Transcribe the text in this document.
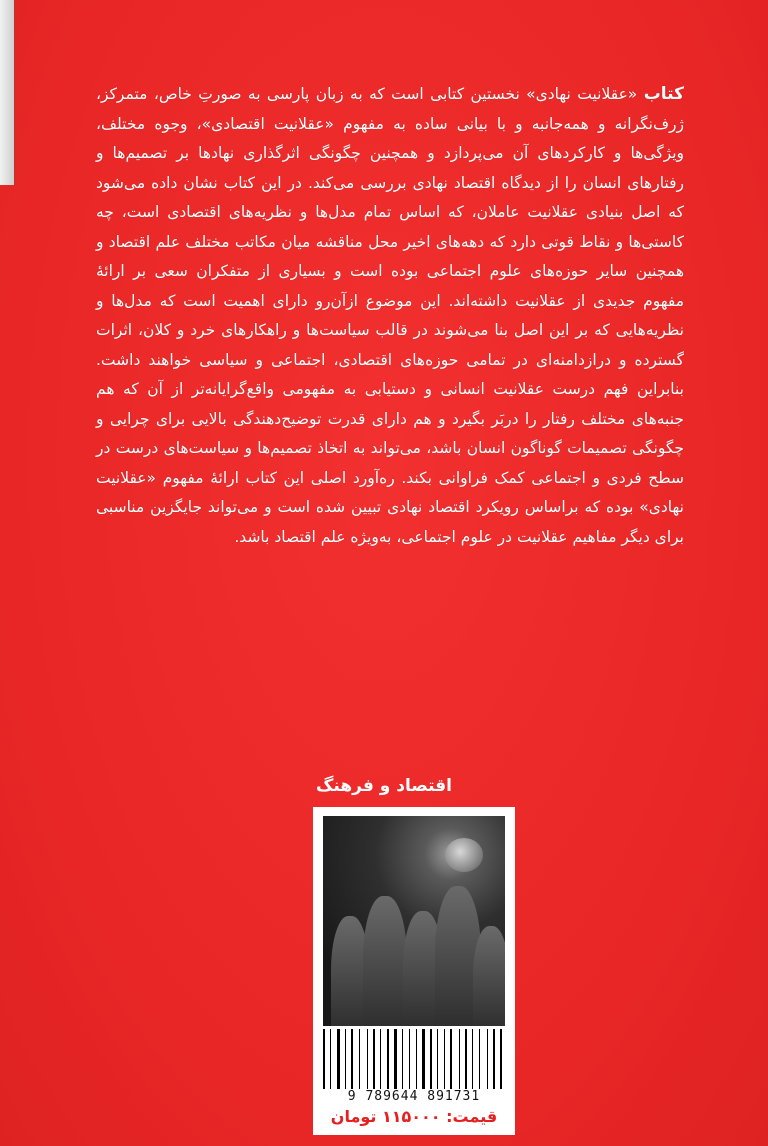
کتاب «عقلانیت نهادی» نخستین کتابی است که به زبان پارسی به صورتِ خاص، متمرکز، ژرف‌نگرانه و همه‌جانبه و با بیانی ساده به مفهوم «عقلانیت اقتصادی»، وجوه مختلف، ویژگی‌ها و کارکردهای آن می‌پردازد و همچنین چگونگی اثرگذاری نهادها بر تصمیم‌ها و رفتارهای انسان را از دیدگاه اقتصاد نهادی بررسی می‌کند. در این کتاب نشان داده می‌شود که اصل بنیادی عقلانیت عاملان، که اساس تمام مدل‌ها و نظریه‌های اقتصادی است، چه کاستی‌ها و نقاط قوتی دارد که دهه‌های اخیر محل مناقشه میان مکاتب مختلف علم اقتصاد و همچنین سایر حوزه‌های علوم اجتماعی بوده است و بسیاری از متفکران سعی بر ارائهٔ مفهوم جدیدی از عقلانیت داشته‌اند. این موضوع ازآن‌رو دارای اهمیت است که مدل‌ها و نظریه‌هایی که بر این اصل بنا می‌شوند در قالب سیاست‌ها و راهکارهای خرد و کلان، اثرات گسترده و درازدامنه‌ای در تمامی حوزه‌های اقتصادی، اجتماعی و سیاسی خواهند داشت. بنابراین فهم درست عقلانیت انسانی و دستیابی به مفهومی واقع‌گرایانه‌تر از آن که هم جنبه‌های مختلف رفتار را دربَر بگیرد و هم دارای قدرت توضیح‌دهندگی بالایی برای چرایی و چگونگی تصمیمات گوناگون انسان باشد، می‌تواند به اتخاذ تصمیم‌ها و سیاست‌های درست در سطح فردی و اجتماعی کمک فراوانی بکند. ره‌آورد اصلی این کتاب ارائهٔ مفهوم «عقلانیت نهادی» بوده که براساس رویکرد اقتصاد نهادی تبیین شده است و می‌تواند جایگزین مناسبی برای دیگر مفاهیم عقلانیت در علوم اجتماعی، به‌ویژه علم اقتصاد باشد.
اقتصاد و فرهنگ
9 789644 891731
قیمت: ۱۱۵۰۰۰ تومان
